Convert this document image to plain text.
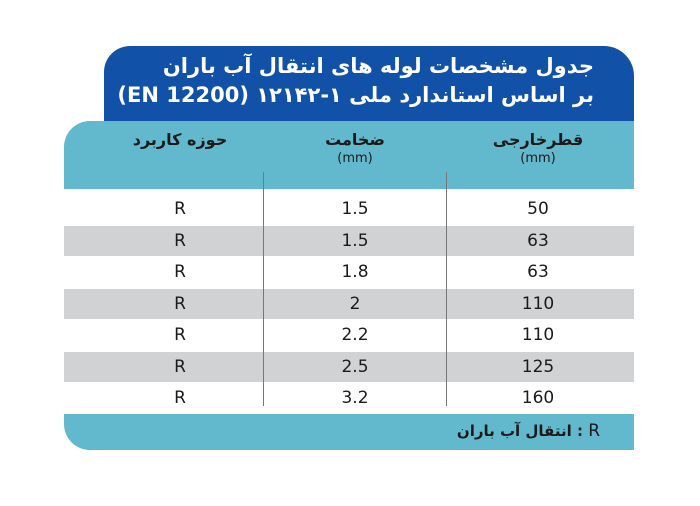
جدول مشخصات لوله های انتقال آب باران
بر اساس استاندارد ملی ۱-۱۲۱۴۲ (EN 12200)
قطرخارجی
(mm)
ضخامت
(mm)
حوزه کاربرد
50
1.5
R
63
1.5
R
63
1.8
R
110
2
R
110
2.2
R
125
2.5
R
160
3.2
R
R : انتقال آب باران
